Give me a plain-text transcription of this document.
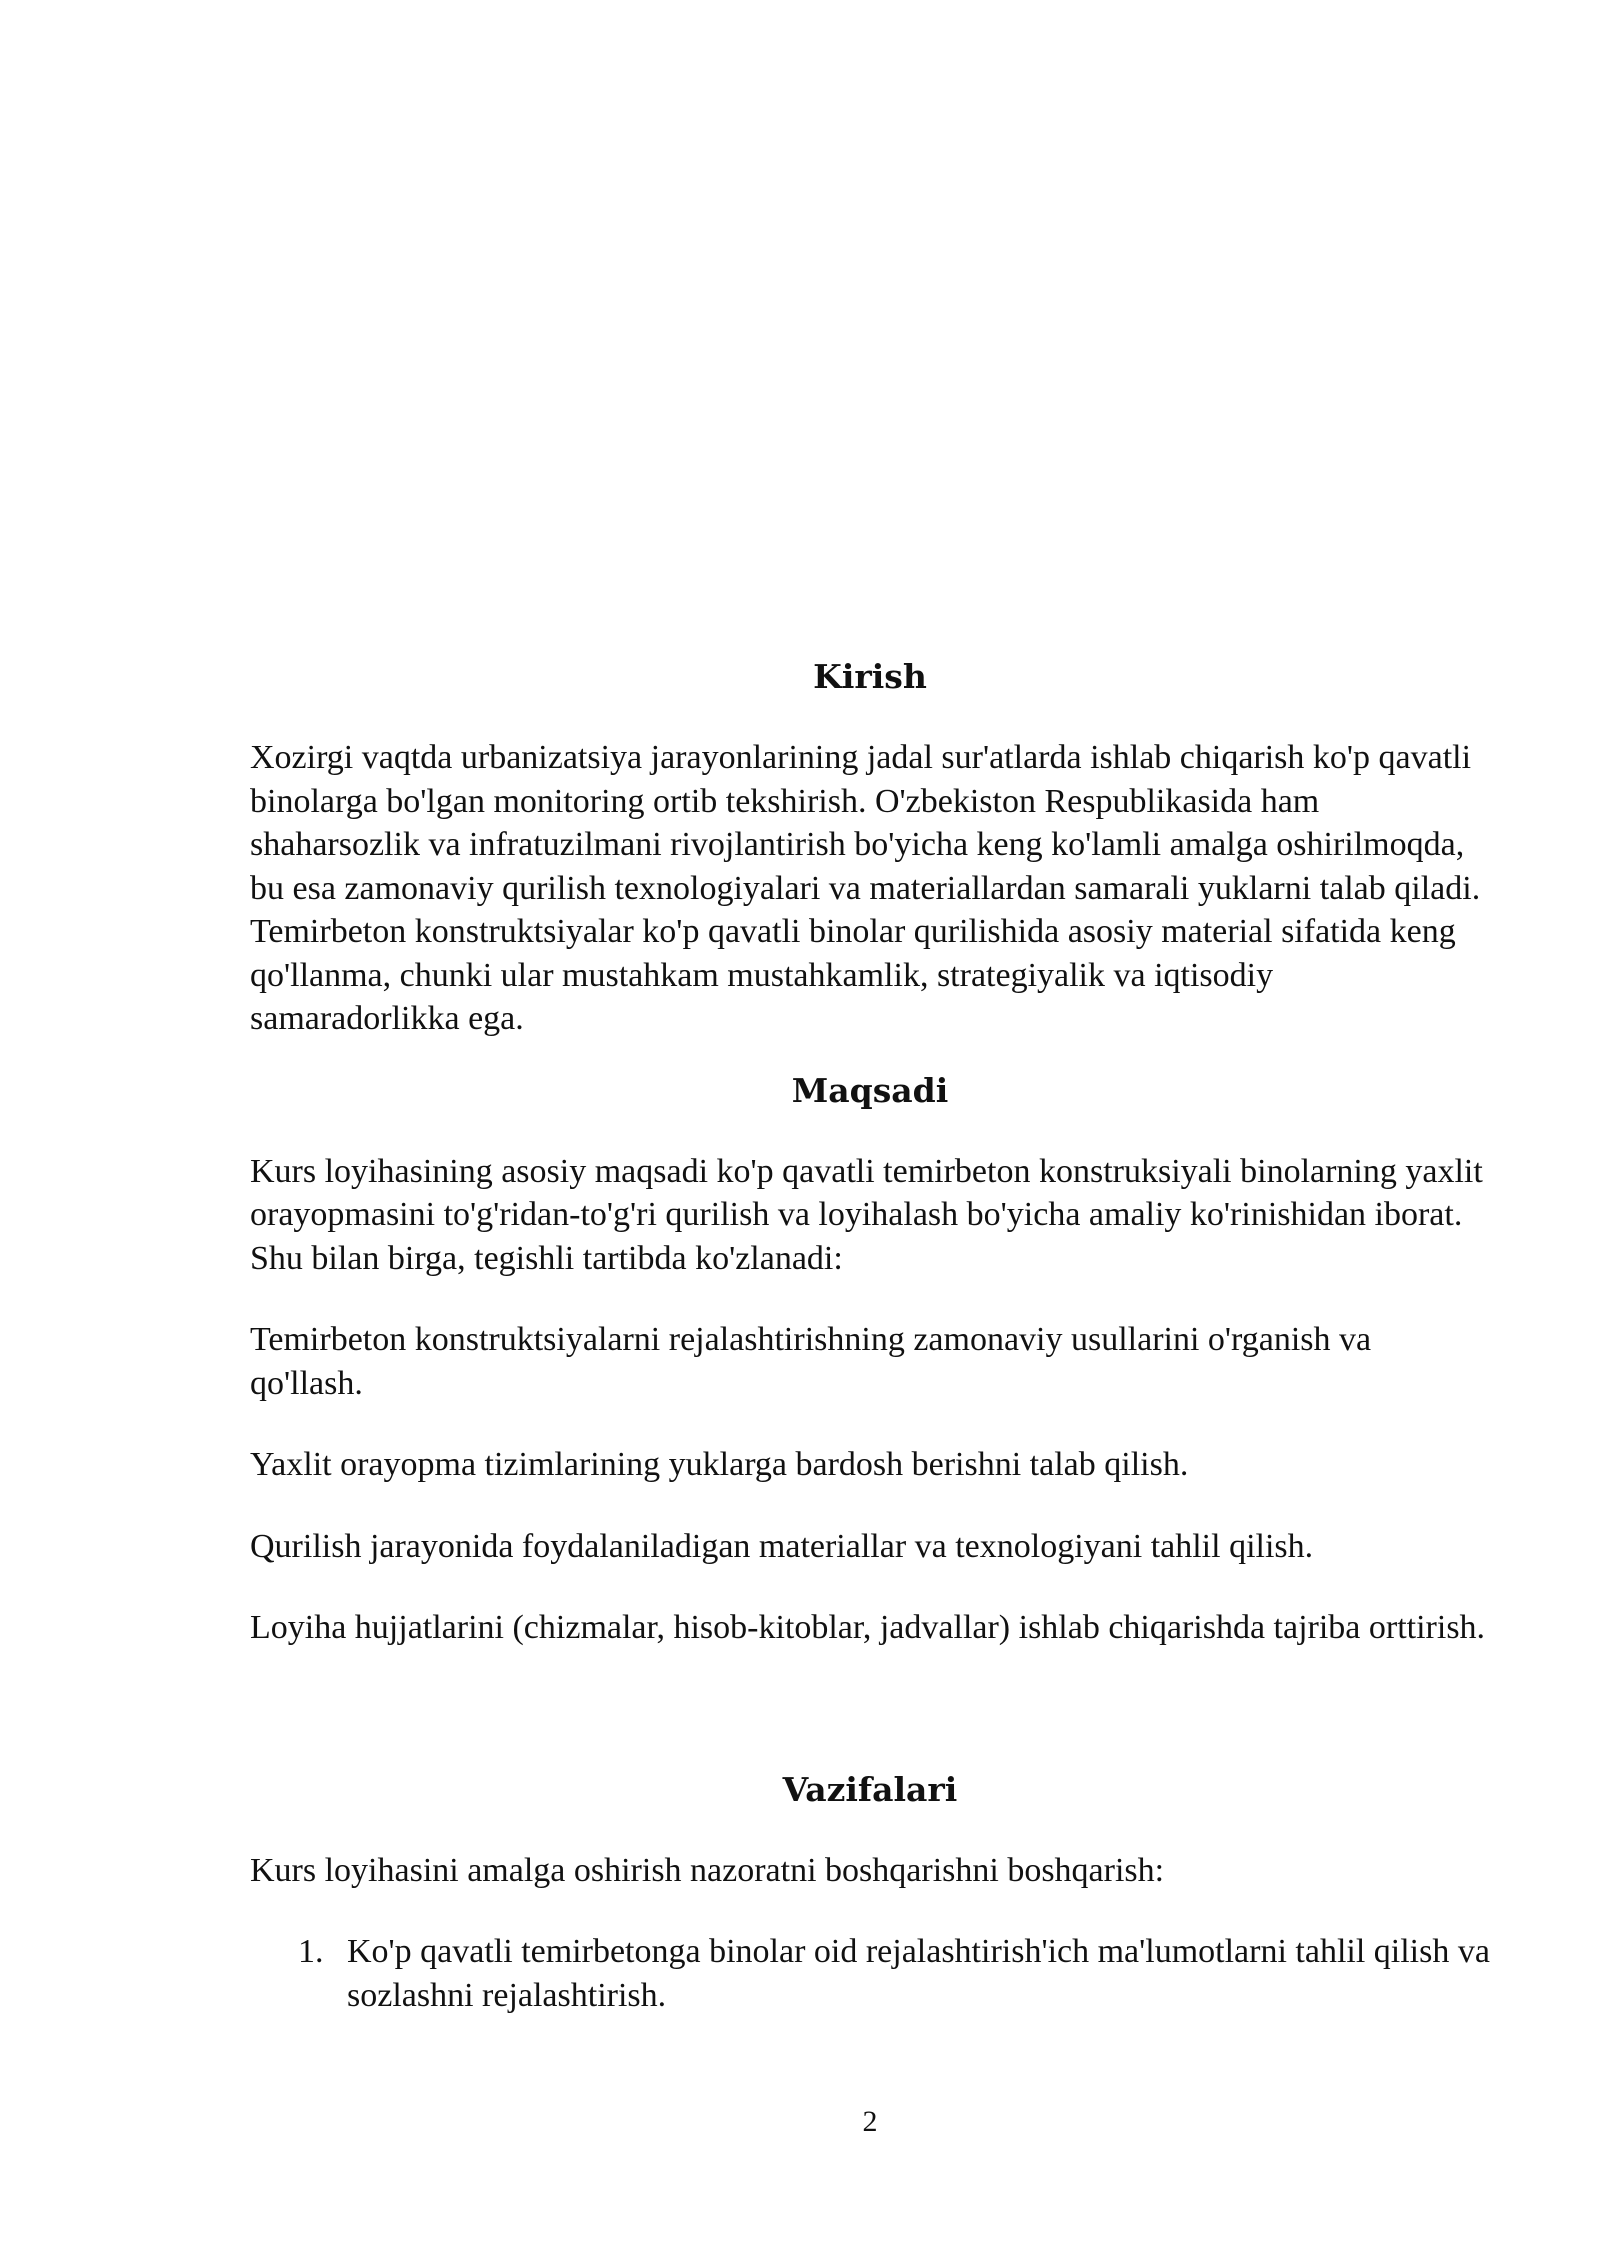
Kirish

Xozirgi vaqtda urbanizatsiya jarayonlarining jadal sur'atlarda ishlab chiqarish ko'p qavatli binolarga bo'lgan monitoring ortib tekshirish. O'zbekiston Respublikasida ham shaharsozlik va infratuzilmani rivojlantirish bo'yicha keng ko'lamli amalga oshirilmoqda, bu esa zamonaviy qurilish texnologiyalari va materiallardan samarali yuklarni talab qiladi. Temirbeton konstruktsiyalar ko'p qavatli binolar qurilishida asosiy material sifatida keng qo'llanma, chunki ular mustahkam mustahkamlik, strategiyalik va iqtisodiy samaradorlikka ega.

Maqsadi

Kurs loyihasining asosiy maqsadi ko'p qavatli temirbeton konstruksiyali binolarning yaxlit orayopmasini to'g'ridan-to'g'ri qurilish va loyihalash bo'yicha amaliy ko'rinishidan iborat. Shu bilan birga, tegishli tartibda ko'zlanadi:

Temirbeton konstruktsiyalarni rejalashtirishning zamonaviy usullarini o'rganish va qo'llash.

Yaxlit orayopma tizimlarining yuklarga bardosh berishni talab qilish.

Qurilish jarayonida foydalaniladigan materiallar va texnologiyani tahlil qilish.

Loyiha hujjatlarini (chizmalar, hisob-kitoblar, jadvallar) ishlab chiqarishda tajriba orttirish.

Vazifalari

Kurs loyihasini amalga oshirish nazoratni boshqarishni boshqarish:

1. Ko'p qavatli temirbetonga binolar oid rejalashtirish'ich ma'lumotlarni tahlil qilish va sozlashni rejalashtirish.
2
